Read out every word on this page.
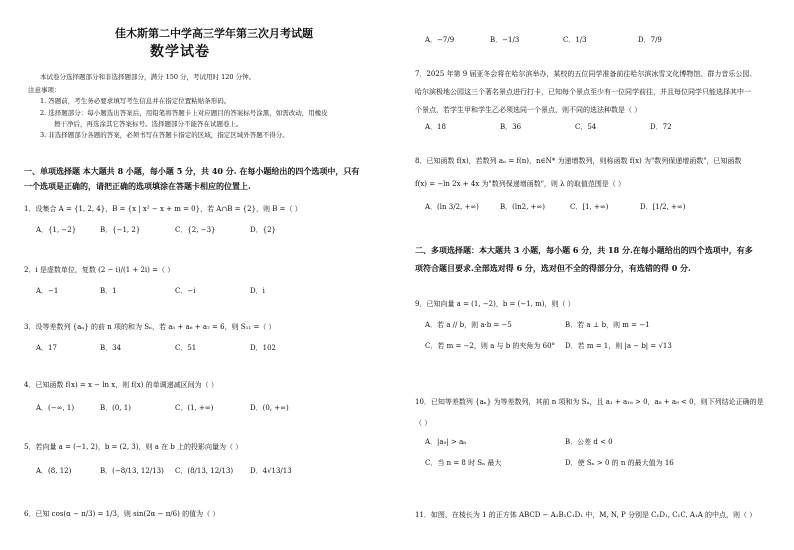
佳木斯第二中学高三学年第三次月考试题
数学试卷
本试卷分选择题部分和非选择题部分，满分 150 分，考试用时 120 分钟。
注意事项：
1. 答题前，考生务必要求填写考生信息并在指定位置粘贴条形码。
2. 选择题部分：每小题选出答案后，用铅笔将答题卡上对应题目的答案标号涂黑，如需改动，用橡皮
擦干净后，再选涂其它答案标号。选择题部分不能答在试题卷上。
3. 非选择题部分各题的答案，必须书写在答题卡指定的区域，指定区域外答题不得分。
一、单项选择题 本大题共 8 小题，每小题 5 分，共 40 分. 在每小题给出的四个选项中，只有
一个选项是正确的，请把正确的选项填涂在答题卡相应的位置上.
1．设集合 A = {1, 2, 4}，B = {x | x² − x + m = 0}，若 A∩B = {2}，则 B =（ ）
A．{1, −2}	B．{−1, 2}	C．{2, −3}	D．{2}
2．i 是虚数单位，复数 (2 − i)/(1 + 2i) =（ ）
A．−1	B．1	C．−i	D．i
3．设等差数列 {aₙ} 的前 n 项的和为 Sₙ，若 a₅ + a₆ + a₇ = 6，则 S₁₁ =（ ）
A．17	B．34	C．51	D．102
4．已知函数 f(x) = x − ln x，则 f(x) 的单调递减区间为（ ）
A．(−∞, 1)	B．(0, 1)	C．(1, +∞)	D．(0, +∞)
5．若向量 a = (−1, 2)，b = (2, 3)，则 a 在 b 上的投影向量为（ ）
A．(8, 12)	B．(−8/13, 12/13) C．(8/13, 12/13) D．4√13/13
6．已知 cos(α − π/3) = 1/3，则 sin(2α − π/6) 的值为（ ）
A．−7/9	B．−1/3	C．1/3	D．7/9
7．2025 年第 9 届亚冬会将在哈尔滨举办，某校的五位同学准备前往哈尔滨冰雪文化博物馆、群力音乐公园、
哈尔滨极地公园这三个著名景点进行打卡，已知每个景点至少有一位同学前往，并且每位同学只能选择其中一
个景点，若学生甲和学生乙必须选同一个景点，则不同的选法种数是（ ）
A．18	B．36	C．54	D．72
8．已知函数 f(x)，若数列 aₙ = f(n)，n∈N* 为递增数列，则称函数 f(x) 为"数列保递增函数"，已知函数
f(x) = −ln 2x + 4x 为"数列保递增函数"，则 λ 的取值范围是（ ）
A．(ln 3/2, +∞)	B．(ln2, +∞)	C．[1, +∞)	D．[1/2, +∞)
二、多项选择题：本大题共 3 小题，每小题 6 分，共 18 分.在每小题给出的四个选项中，有多
项符合题目要求.全部选对得 6 分，选对但不全的得部分分，有选错的得 0 分.
9．已知向量 a = (1, −2)，b = (−1, m)，则（ ）
A．若 a // b，则 a·b = −5	B．若 a ⊥ b，则 m = −1
C．若 m = −2，则 a 与 b 的夹角为 60° D．若 m = 1，则 |a − b| = √13
10．已知等差数列 {aₙ} 为等差数列，其前 n 项和为 Sₙ，且 a₁ + a₁₆ > 0，a₈ + a₉ < 0，则下列结论正确的是
（ ）
A．|a₉| > a₈	B．公差 d < 0
C．当 n = 8 时 Sₙ 最大	D．使 Sₙ > 0 的 n 的最大值为 16
11．如图，在棱长为 1 的正方体 ABCD − A₁B₁C₁D₁ 中，M, N, P 分别是 C₁D₁, C₁C, A₁A 的中点，则（ ）
